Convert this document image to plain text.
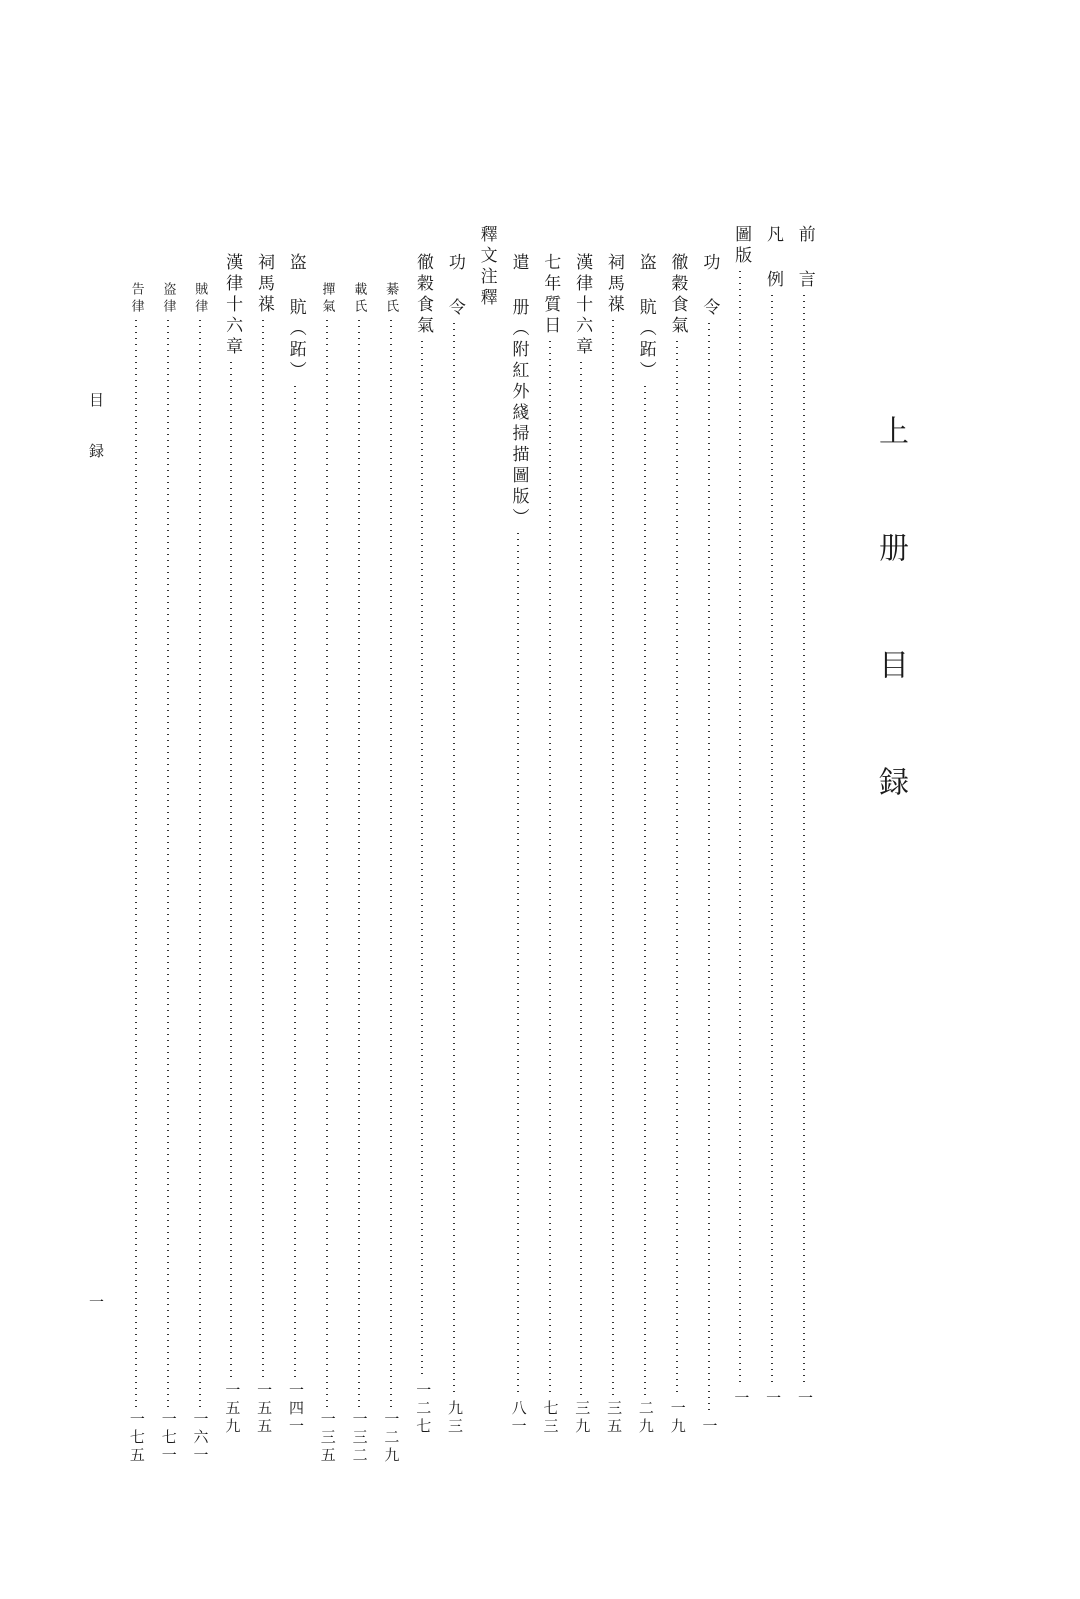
上 册 目 録
目 録
一
前 言
一
凡 例
一
圖版
一
功 令
一
徹穀食氣
一九
盗 貥（跖）
二九
祠馬禖
三五
漢律十六章
三九
七年質日
七三
遣 册（附紅外綫掃描圖版）
八一
釋文注釋
功 令
九三
徹穀食氣
一二七
綦氏
一二九
載氏
一三二
撣氣
一三五
盗 貥（跖）
一四一
祠馬禖
一五五
漢律十六章
一五九
賊律
一六一
盗律
一七一
告律
一七五
